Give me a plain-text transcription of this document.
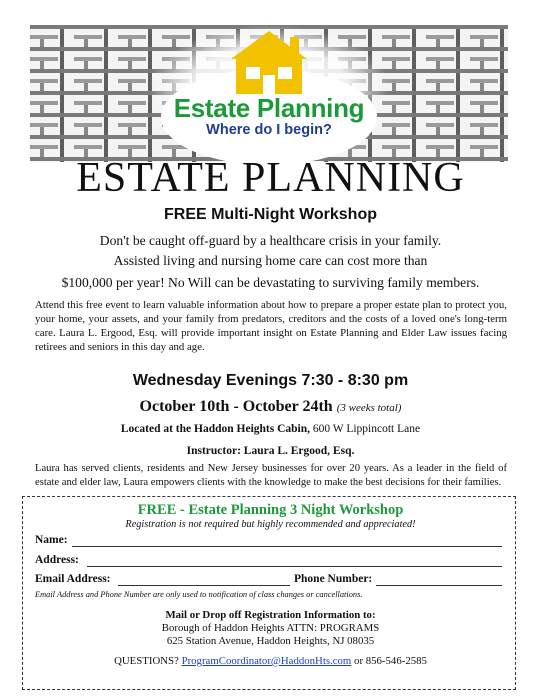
Estate Planning
Where do I begin?
ESTATE PLANNING
FREE Multi-Night Workshop
Don't be caught off-guard by a healthcare crisis in your family.
Assisted living and nursing home care can cost more than
$100,000 per year! No Will can be devastating to surviving family members.
Attend this free event to learn valuable information about how to prepare a proper estate plan to protect you, your home, your assets, and your family from predators, creditors and the costs of a loved one's long-term care. Laura L. Ergood, Esq. will provide important insight on Estate Planning and Elder Law issues facing retirees and seniors in this day and age.
Wednesday Evenings 7:30 - 8:30 pm
October 10th - October 24th (3 weeks total)
Located at the Haddon Heights Cabin, 600 W Lippincott Lane
Instructor: Laura L. Ergood, Esq.
Laura has served clients, residents and New Jersey businesses for over 20 years. As a leader in the field of estate and elder law, Laura empowers clients with the knowledge to make the best decisions for their families.
FREE - Estate Planning 3 Night Workshop
Registration is not required but highly recommended and appreciated!
Name:
Address:
Email Address:	Phone Number:
Email Address and Phone Number are only used to notification of class changes or cancellations.
Mail or Drop off Registration Information to:
Borough of Haddon Heights ATTN: PROGRAMS
625 Station Avenue, Haddon Heights, NJ 08035
QUESTIONS? ProgramCoordinator@HaddonHts.com or 856-546-2585
